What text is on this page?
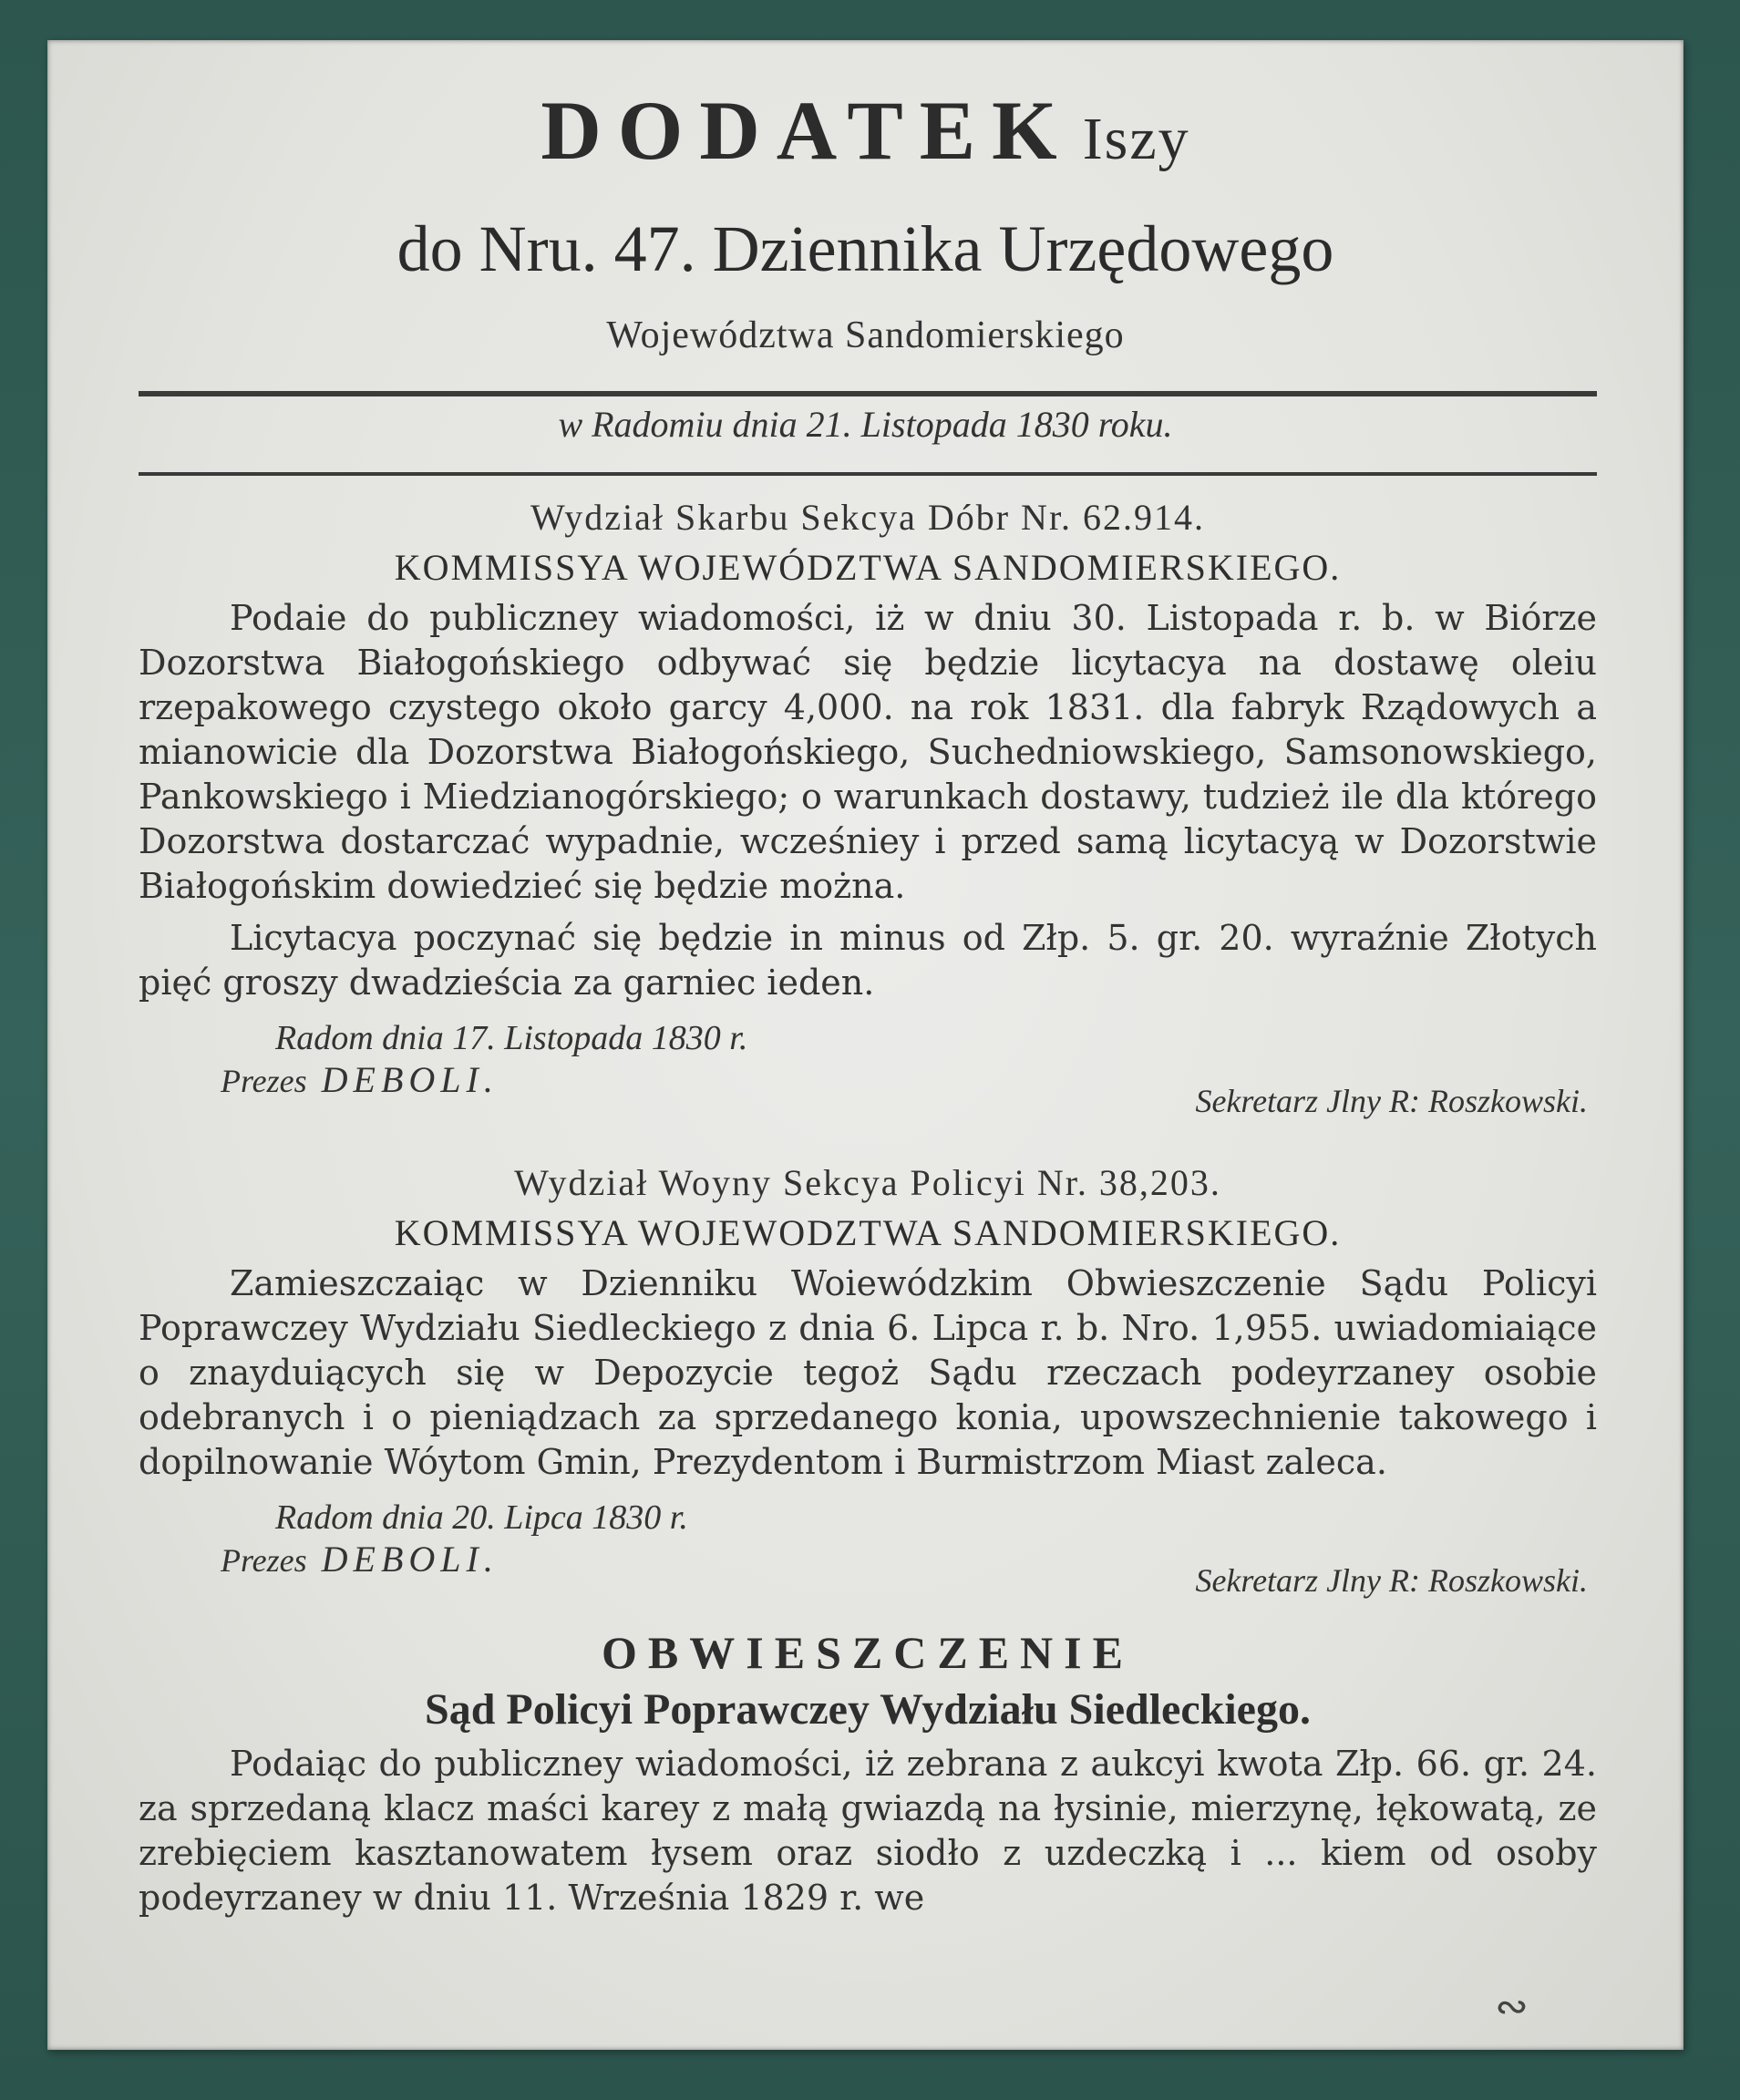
DODATEK Iszy
do Nru. 47. Dziennika Urzędowego
Województwa Sandomierskiego
w Radomiu dnia 21. Listopada 1830 roku.
Wydział Skarbu Sekcya Dóbr Nr. 62.914.
KOMMISSYA WOJEWÓDZTWA SANDOMIERSKIEGO.

Podaie do publiczney wiadomości, iż w dniu 30. Listopada r. b. w Biórze Dozorstwa Białogońskiego odbywać się będzie licytacya na dostawę oleiu rzepakowego czystego około garcy 4,000. na rok 1831. dla fabryk Rządowych a mianowicie dla Dozorstwa Białogońskiego, Suchedniowskiego, Samsonowskiego, Pankowskiego i Miedzianogórskiego; o warunkach dostawy, tudzież ile dla którego Dozorstwa dostarczać wypadnie, wcześniey i przed samą licytacyą w Dozorstwie Białogońskim dowiedzieć się będzie można.

Licytacya poczynać się będzie in minus od Złp. 5. gr. 20. wyraźnie Złotych pięć groszy dwadzieścia za garniec ieden.

Radom dnia 17. Listopada 1830 r.
Prezes DEBOLI.
Sekretarz Jlny R: Roszkowski.
Wydział Woyny Sekcya Policyi Nr. 38,203.
KOMMISSYA WOJEWODZTWA SANDOMIERSKIEGO.

Zamieszczaiąc w Dzienniku Woiewódzkim Obwieszczenie Sądu Policyi Poprawczey Wydziału Siedleckiego z dnia 6. Lipca r. b. Nro. 1,955. uwiadomiaiące o znayduiących się w Depozycie tegoż Sądu rzeczach podeyrzaney osobie odebranych i o pieniądzach za sprzedanego konia, upowszechnienie takowego i dopilnowanie Wóytom Gmin, Prezydentom i Burmistrzom Miast zaleca.

Radom dnia 20. Lipca 1830 r.
Prezes DEBOLI.
Sekretarz Jlny R: Roszkowski.
OBWIESZCZENIE
Sąd Policyi Poprawczey Wydziału Siedleckiego.

Podaiąc do publiczney wiadomości, iż zebrana z aukcyi kwota Złp. 66. gr. 24. za sprzedaną klacz maści karey z małą gwiazdą na łysinie, mierzynę, łękowatą, ze zrebięciem kasztanowatem łysem oraz siodło z uzdeczką i ... kiem od osoby podeyrzaney w dniu 11. Września 1829 r. we

∾
